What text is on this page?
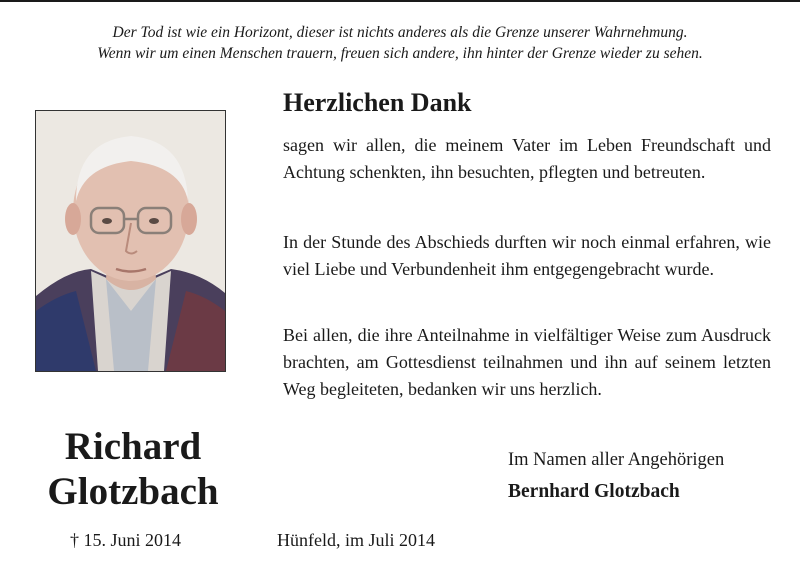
Der Tod ist wie ein Horizont, dieser ist nichts anderes als die Grenze unserer Wahrnehmung.
Wenn wir um einen Menschen trauern, freuen sich andere, ihn hinter der Grenze wieder zu sehen.
Herzlichen Dank
sagen wir allen, die meinem Vater im Leben Freundschaft und Achtung schenkten, ihn besuchten, pflegten und betreuten.
In der Stunde des Abschieds durften wir noch einmal erfahren, wie viel Liebe und Verbundenheit ihm entgegengebracht wurde.
Bei allen, die ihre Anteilnahme in vielfältiger Weise zum Ausdruck brachten, am Gottesdienst teilnahmen und ihn auf seinem letzten Weg begleiteten, bedanken wir uns herzlich.
Richard
Glotzbach
Im Namen aller Angehörigen
Bernhard Glotzbach
† 15. Juni 2014	Hünfeld, im Juli 2014
